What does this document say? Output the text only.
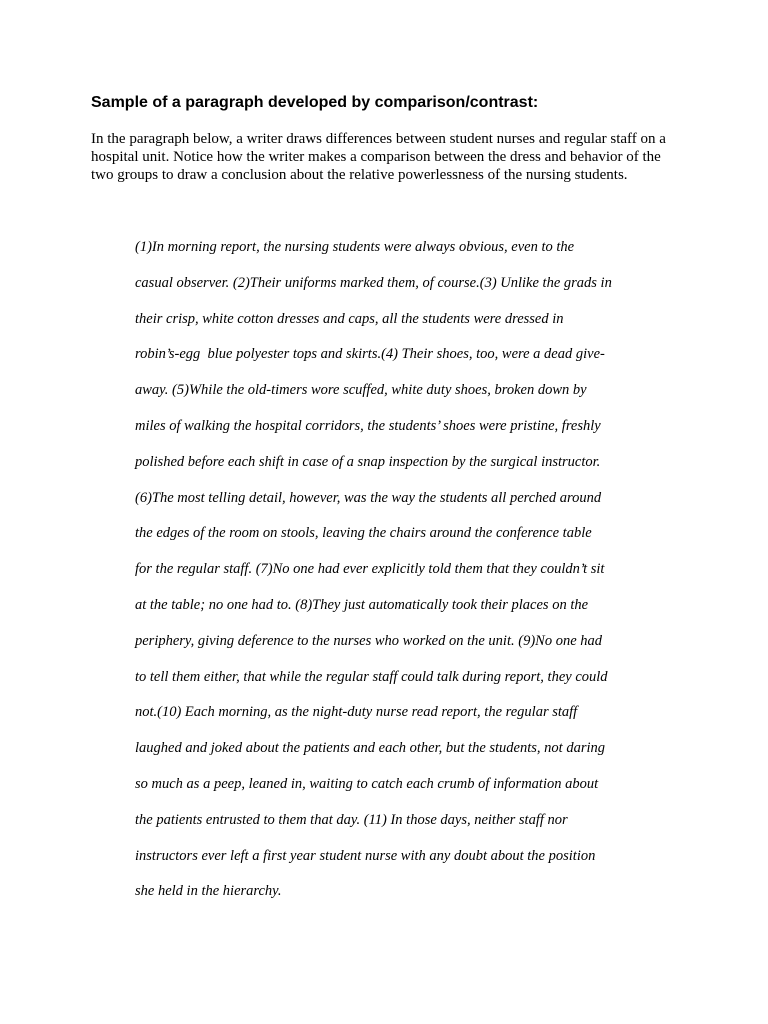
Sample of a paragraph developed by comparison/contrast:
In the paragraph below, a writer draws differences between student nurses and regular staff on a
hospital unit. Notice how the writer makes a comparison between the dress and behavior of the
two groups to draw a conclusion about the relative powerlessness of the nursing students.
(1)In morning report, the nursing students were always obvious, even to the
casual observer. (2)Their uniforms marked them, of course.(3) Unlike the grads in
their crisp, white cotton dresses and caps, all the students were dressed in
robin’s-egg  blue polyester tops and skirts.(4) Their shoes, too, were a dead give-
away. (5)While the old-timers wore scuffed, white duty shoes, broken down by
miles of walking the hospital corridors, the students’ shoes were pristine, freshly
polished before each shift in case of a snap inspection by the surgical instructor.
(6)The most telling detail, however, was the way the students all perched around
the edges of the room on stools, leaving the chairs around the conference table
for the regular staff. (7)No one had ever explicitly told them that they couldn’t sit
at the table; no one had to. (8)They just automatically took their places on the
periphery, giving deference to the nurses who worked on the unit. (9)No one had
to tell them either, that while the regular staff could talk during report, they could
not.(10) Each morning, as the night-duty nurse read report, the regular staff
laughed and joked about the patients and each other, but the students, not daring
so much as a peep, leaned in, waiting to catch each crumb of information about
the patients entrusted to them that day. (11) In those days, neither staff nor
instructors ever left a first year student nurse with any doubt about the position
she held in the hierarchy.
